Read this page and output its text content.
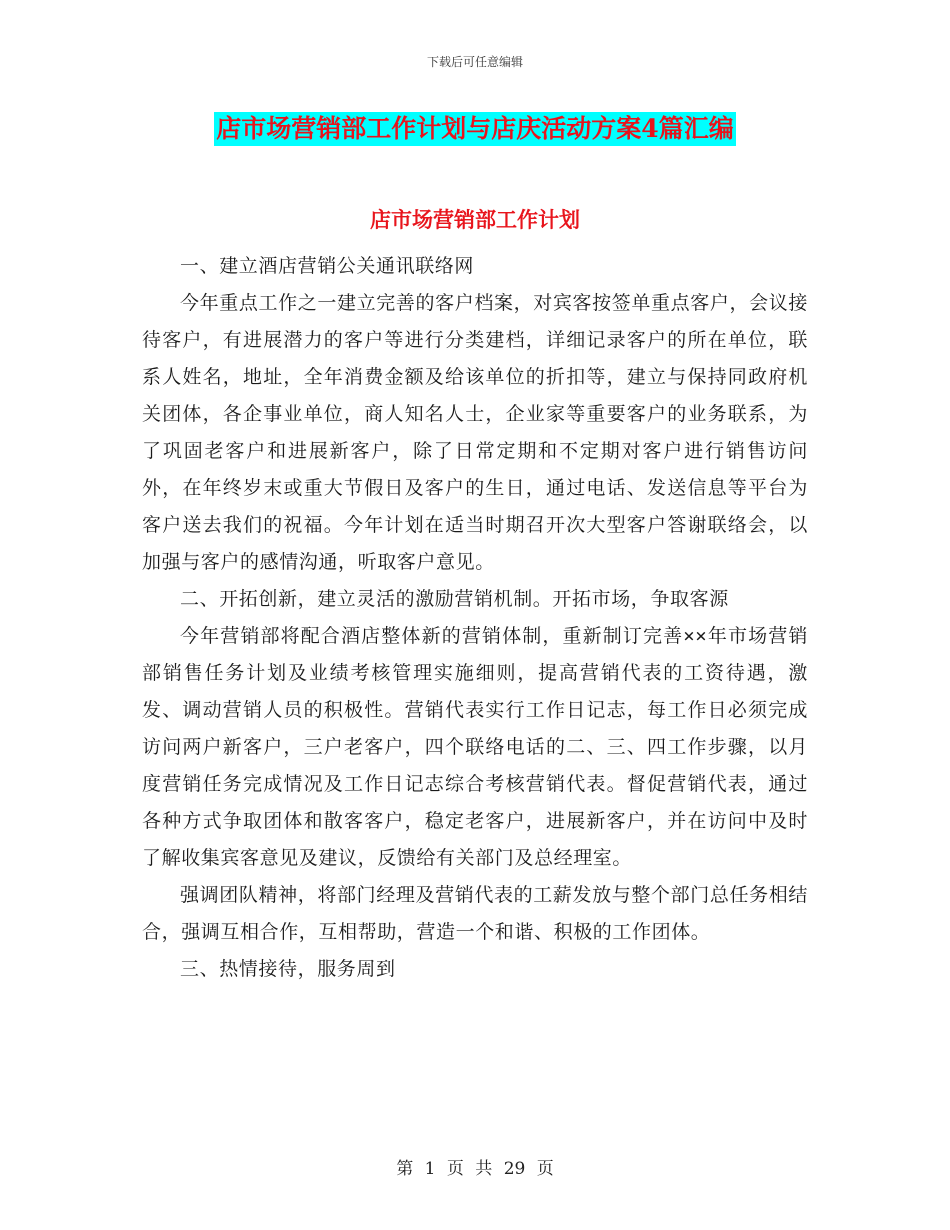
下载后可任意编辑
店市场营销部工作计划与店庆活动方案4篇汇编
店市场营销部工作计划

一、建立酒店营销公关通讯联络网

今年重点工作之一建立完善的客户档案，对宾客按签单重点客户，会议接待客户，有进展潜力的客户等进行分类建档，详细记录客户的所在单位，联系人姓名，地址，全年消费金额及给该单位的折扣等，建立与保持同政府机关团体，各企事业单位，商人知名人士，企业家等重要客户的业务联系，为了巩固老客户和进展新客户，除了日常定期和不定期对客户进行销售访问外，在年终岁末或重大节假日及客户的生日，通过电话、发送信息等平台为客户送去我们的祝福。今年计划在适当时期召开次大型客户答谢联络会，以加强与客户的感情沟通，听取客户意见。

二、开拓创新，建立灵活的激励营销机制。开拓市场，争取客源

今年营销部将配合酒店整体新的营销体制，重新制订完善××年市场营销部销售任务计划及业绩考核管理实施细则，提高营销代表的工资待遇，激发、调动营销人员的积极性。营销代表实行工作日记志，每工作日必须完成访问两户新客户，三户老客户，四个联络电话的二、三、四工作步骤，以月度营销任务完成情况及工作日记志综合考核营销代表。督促营销代表，通过各种方式争取团体和散客客户，稳定老客户，进展新客户，并在访问中及时了解收集宾客意见及建议，反馈给有关部门及总经理室。

强调团队精神，将部门经理及营销代表的工薪发放与整个部门总任务相结合，强调互相合作，互相帮助，营造一个和谐、积极的工作团体。

三、热情接待，服务周到

第 1 页 共 29 页
